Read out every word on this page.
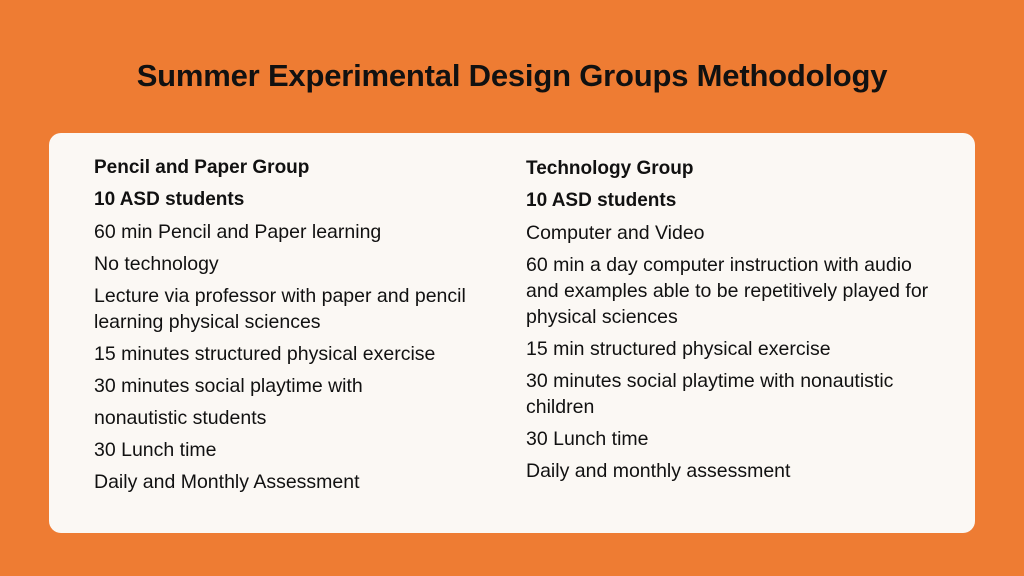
Summer Experimental Design Groups Methodology

Pencil and Paper Group

10 ASD students

60 min Pencil and Paper learning

No technology

Lecture via professor with paper and pencil learning physical sciences

15 minutes structured physical exercise

30 minutes social playtime with

nonautistic students

30 Lunch time

Daily and Monthly Assessment

Technology Group

10 ASD students

Computer and Video

60 min a day computer instruction with audio and examples able to be repetitively played for physical sciences

15 min structured physical exercise

30 minutes social playtime with nonautistic children

30 Lunch time

Daily and monthly assessment
